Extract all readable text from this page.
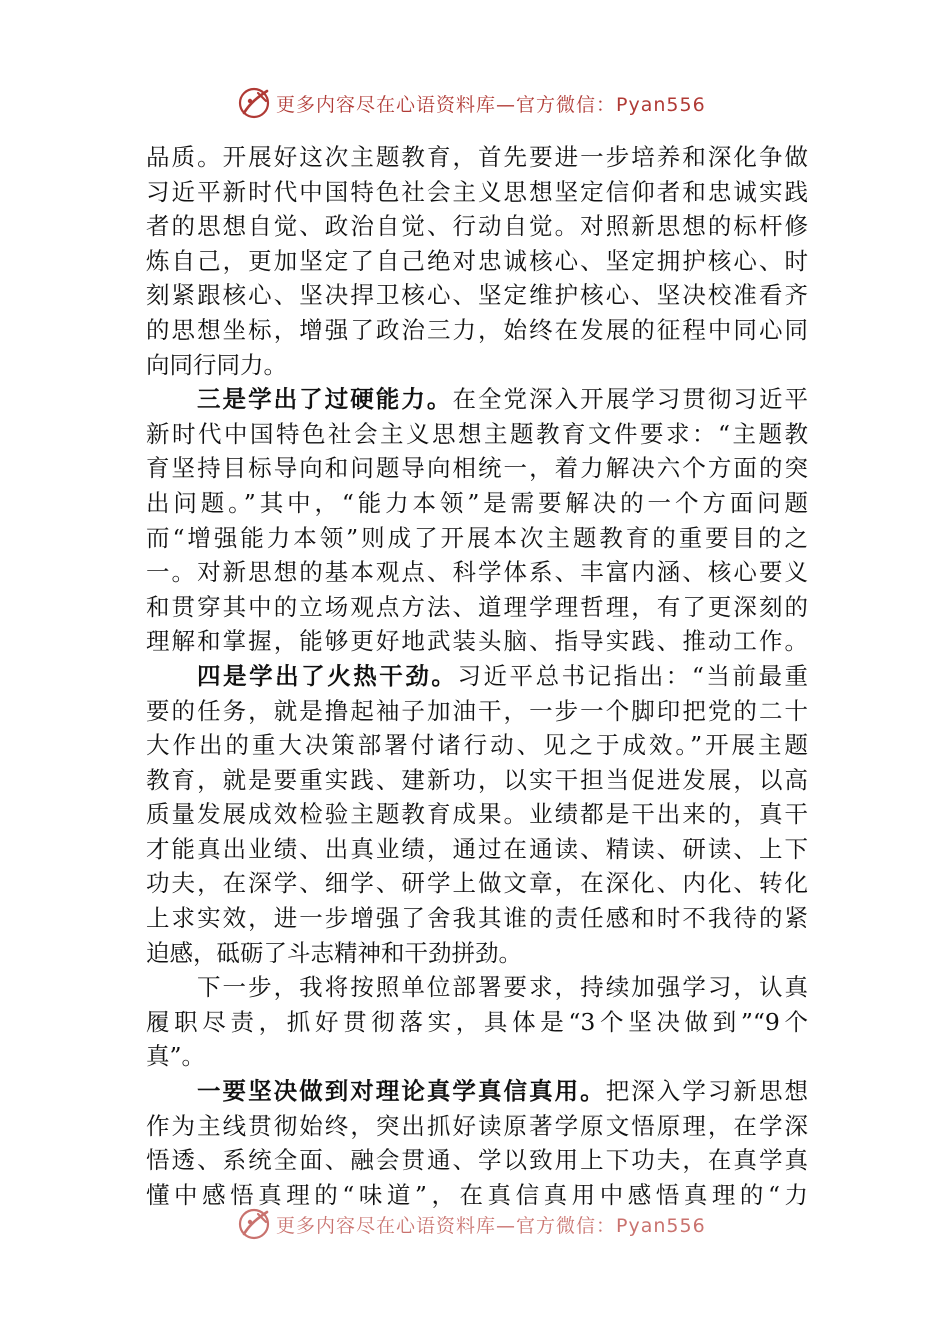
更多内容尽在心语资料库—官方微信：Pyan556
品质。开展好这次主题教育，首先要进一步培养和深化争做
习近平新时代中国特色社会主义思想坚定信仰者和忠诚实践
者的思想自觉、政治自觉、行动自觉。对照新思想的标杆修
炼自己，更加坚定了自己绝对忠诚核心、坚定拥护核心、时
刻紧跟核心、坚决捍卫核心、坚定维护核心、坚决校准看齐
的思想坐标，增强了政治三力，始终在发展的征程中同心同
向同行同力。
三是学出了过硬能力。在全党深入开展学习贯彻习近平
新时代中国特色社会主义思想主题教育文件要求：“主题教
育坚持目标导向和问题导向相统一，着力解决六个方面的突
出问题。”其中，“能力本领”是需要解决的一个方面问题
而“增强能力本领”则成了开展本次主题教育的重要目的之
一。对新思想的基本观点、科学体系、丰富内涵、核心要义
和贯穿其中的立场观点方法、道理学理哲理，有了更深刻的
理解和掌握，能够更好地武装头脑、指导实践、推动工作。
四是学出了火热干劲。习近平总书记指出：“当前最重
要的任务，就是撸起袖子加油干，一步一个脚印把党的二十
大作出的重大决策部署付诸行动、见之于成效。”开展主题
教育，就是要重实践、建新功，以实干担当促进发展，以高
质量发展成效检验主题教育成果。业绩都是干出来的，真干
才能真出业绩、出真业绩，通过在通读、精读、研读、上下
功夫，在深学、细学、研学上做文章，在深化、内化、转化
上求实效，进一步增强了舍我其谁的责任感和时不我待的紧
迫感，砥砺了斗志精神和干劲拼劲。
下一步，我将按照单位部署要求，持续加强学习，认真
履职尽责，抓好贯彻落实，具体是“3个坚决做到”“9个
真”。
一要坚决做到对理论真学真信真用。把深入学习新思想
作为主线贯彻始终，突出抓好读原著学原文悟原理，在学深
悟透、系统全面、融会贯通、学以致用上下功夫，在真学真
懂中感悟真理的“味道”，在真信真用中感悟真理的“力
更多内容尽在心语资料库—官方微信：Pyan556
